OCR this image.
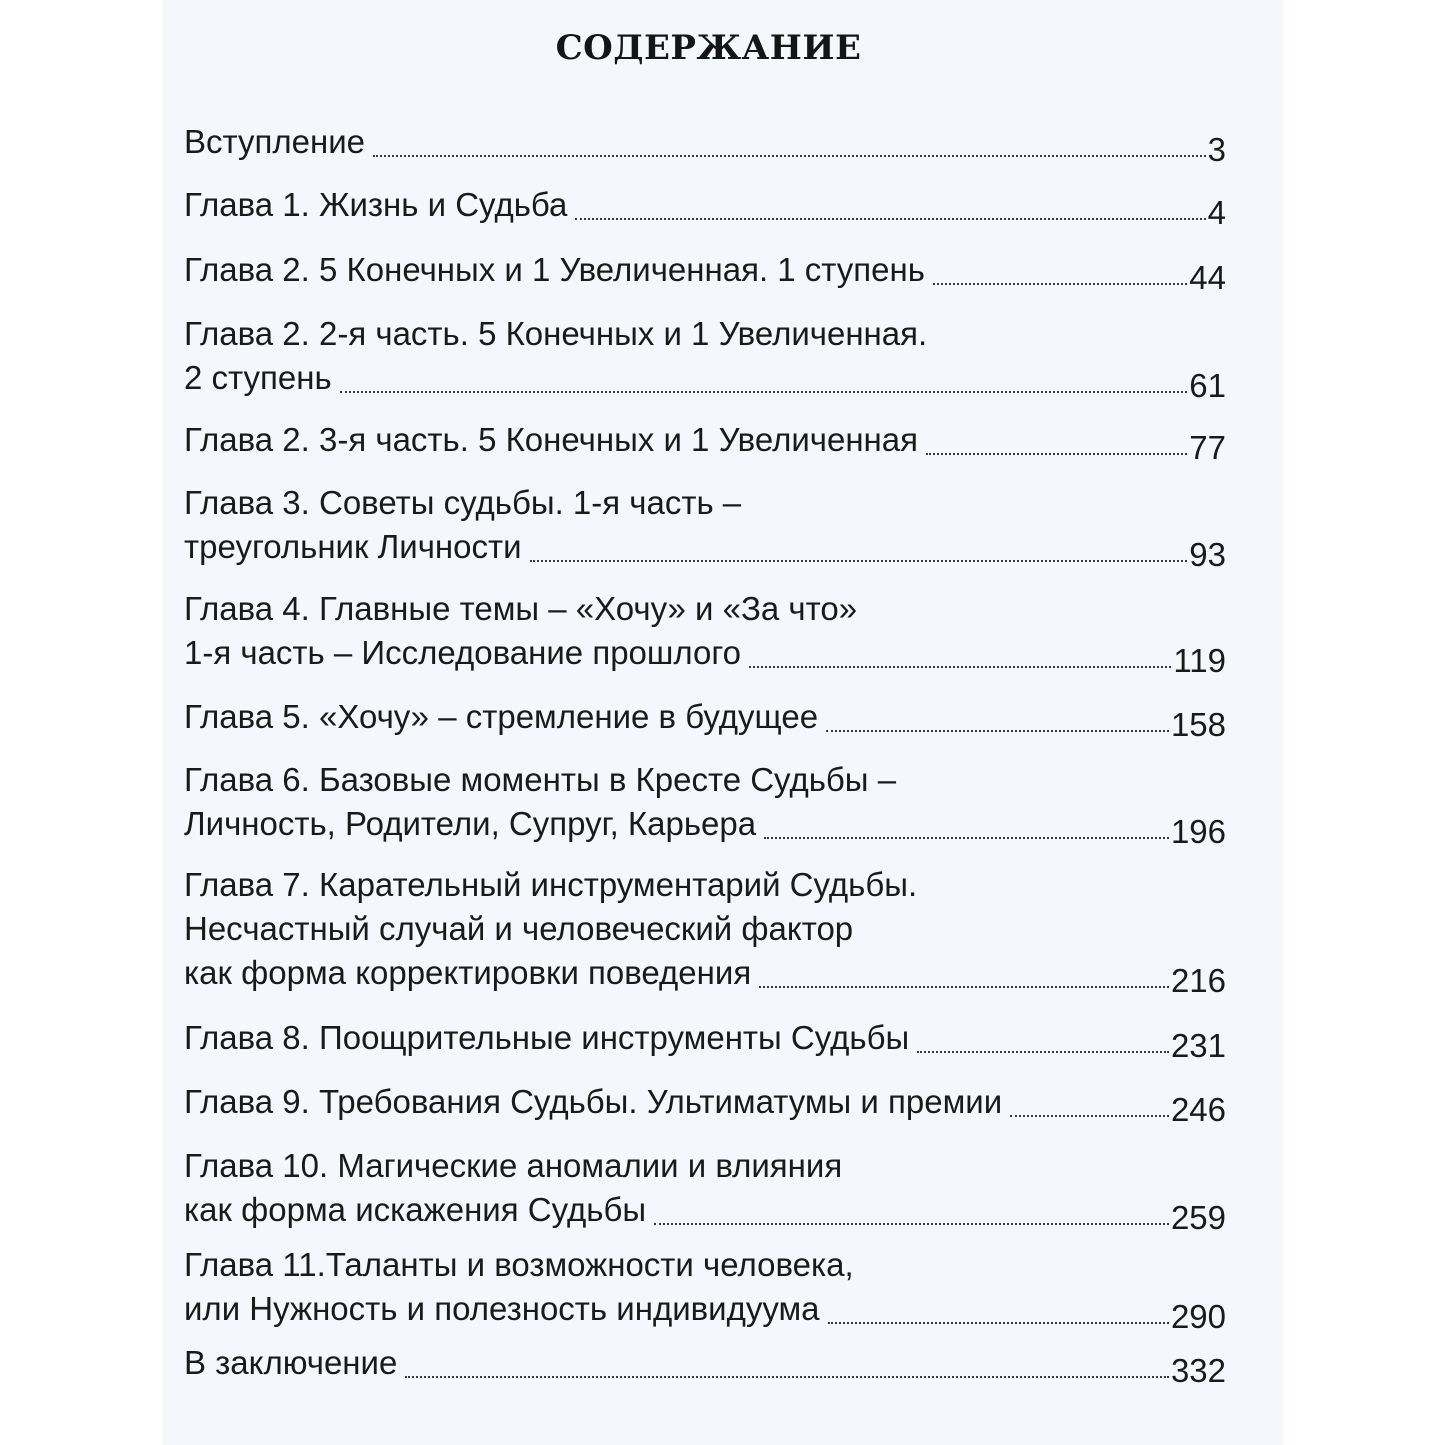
СОДЕРЖАНИЕ
Вступление	3
Глава 1. Жизнь и Судьба	4
Глава 2. 5 Конечных и 1 Увеличенная. 1 ступень	44
Глава 2. 2-я часть. 5 Конечных и 1 Увеличенная.
2 ступень	61
Глава 2. 3-я часть. 5 Конечных и 1 Увеличенная	77
Глава 3. Советы судьбы. 1-я часть –
треугольник Личности	93
Глава 4. Главные темы – «Хочу» и «За что»
1-я часть – Исследование прошлого	119
Глава 5. «Хочу» – стремление в будущее	158
Глава 6. Базовые моменты в Кресте Судьбы –
Личность, Родители, Супруг, Карьера	196
Глава 7. Карательный инструментарий Судьбы.
Несчастный случай и человеческий фактор
как форма корректировки поведения	216
Глава 8. Поощрительные инструменты Судьбы	231
Глава 9. Требования Судьбы. Ультиматумы и премии	246
Глава 10. Магические аномалии и влияния
как форма искажения Судьбы	259
Глава 11.Таланты и возможности человека,
или Нужность и полезность индивидуума	290
В заключение	332
